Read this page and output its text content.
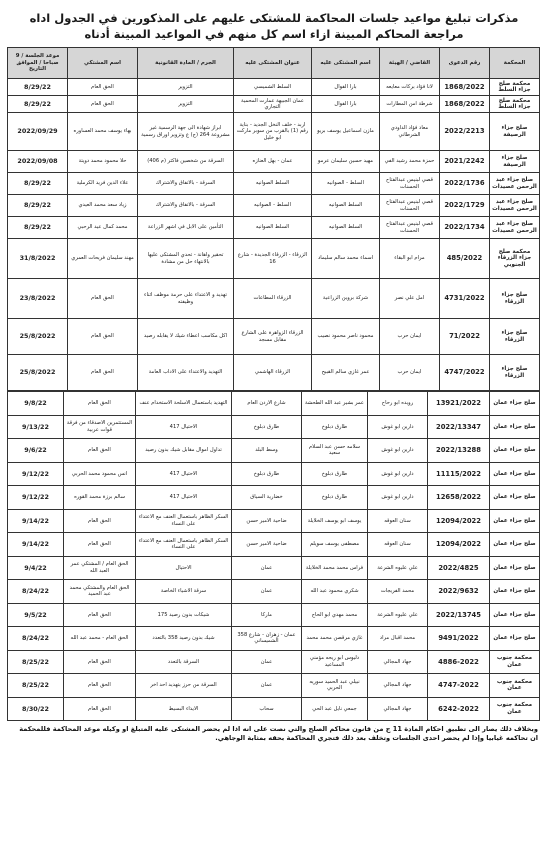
مذكرات تبليغ مواعيد جلسات المحاكمة للمشتكى عليهم على المذكورين في الجدول اداه مراجعة المحاكم المبينة ازاء اسم كل منهم في المواعيد المبينة أدناه
المحكمة	رقم الدعوى	القاضي / الهيئة	اسم المشتكى عليه	عنوان المشتكى عليه	الجرم / المادة القانونية	اسم المشتكي	موعد الجلسة / 9 صباحا / الموافق التاريخ
محكمة صلح جزاء السلط	1868/2022	لانا فؤاد بركات معايعه	بارا الفوال	السلط الشميسي	التزوير	الحق العام	8/29/22
محكمة صلح جزاء السلط	1868/2022	شرطة امن المطارات	بارا الفوال	عمان الجبيهة عمارت المحمية التجاري	التزوير	الحق العام	8/29/22
صلح جزاء الرصيفة	2022/2213	معاذ فؤاد الداودي الشرطاني	مازن اسماعيل يوسف بريو	اربد - خلف النخل الجديد - بناية رقم (1) بالقرب من سوبر ماركت ابو خليل	ابراز شهادة الى جهة الرسمية غير مشروعة 264 (ج) ع وتزوير اوراق رسمية	بهاء يوسف محمد العساوره	2022/09/29
صلح جزاء الرصيفة	2021/2242	حمزة محمد رشيد الفي	مهيد حسين سليمان عرمو	عمان - بهل العنازه	السرقة من شخصين فاكثر (م 406)	حلا محمود محمد دويتة	2022/09/08
صلح جزاء عبد الرحمن عصيدات	2022/1736	قصي لبنيس عبدالفتاح الحسنات	السلط - الصوانيه	السلط الصوانيه	السرقة - بالاتفاق والاشتراك	علاء الدين فريد الكرملية	8/29/22
صلح جزاء عبد الرحمن عصيدات	2022/1729	قصي لبنيس عبدالفتاح الحسنات	السلط الصوانيه	السلط - الصوانيه	السرقة - بالاتفاق والاشتراك	زياد سعد محمد العيدي	8/29/22
صلح جزاء عبد الرحمن عصيدات	2022/1734	قصي لبنيس عبدالفتاح الحسنات	السلط الصوانيه	السلط الصوانيه	التأمين على الابل في اشهر الزراعة	محمد كمال عيد الرحبي	8/29/22
محكمة صلح جزاء الزرقاء الجنوبي	485/2022	مرام ابو البقاء	اسماء محمد سالم سليماد	الزرقاء - الزرقاء الجديدة - شارع 16	تحقير واهانة - تحدي المشتكى عليها بالانتهاء حل من مشادة	مهند سليمان فريحات العمري	31/8/2022
صلح جزاء الزرقاء	4731/2022	امل علي نصر	شركة بروين الزراعية	الزرقاء المطاعات	تهديد و الاعتداء على حرمة موظف اثناء وظيفته	الحق العام	23/8/2022
صلح جزاء الزرقاء	71/2022	ايمان حرب	محمود ناصر محمود نصيب	الزرقاء الزواهرة على الشارع مقابل مسجد	اكل مكاسب اعطاء شيك لا يقابله رصيد	الحق العام	25/8/2022
صلح جزاء الزرقاء	4747/2022	ايمان حرب	عمر غازي سالم القبيح	الزرقاء الهاشمي	التهديد والاعتداء على الاداب العامة	الحق العام	25/8/2022
صلح جزاء عمان	13921/2022	رويده ابو رحاح	عمر بشير عبد الله الطحشة	شارع الاردن العام	التهديد باستعمال الاسلحة الاستخدام عنف	الحق العام	9/8/22
صلح جزاء عمان	2022/13347	دارين ابو غوش	طارق ذبلوخ	طارق ذبلوخ	الاحتيال 417	المستثمرين الاصدقاء من فرقة قوات عربية	9/13/22
صلح جزاء عمان	2022/13288	دارين ابو غوش	سلامه حسن عبد السلام سعيد	وسط البلد	تداول اموال مقابل شيك بدون رصيد	الحق العام	9/6/22
صلح جزاء عمان	11115/2022	دارين ابو غوش	طارق ذبلوخ	طارق ذبلوخ	الاحتيال 417	انس محمود محمد الحربي	9/12/22
صلح جزاء عمان	12658/2022	دارين ابو غوش	طارق ذبلوخ	خضارية السياق	الاحتيال 417	سالم برزة محمد القوره	9/12/22
صلح جزاء عمان	12094/2022	سنان العوقه	يوسف ابو يوسف الخلايلة	ضاحية الامير حسن	السكر الظاهر باستعمال العنف مع الاعتداء على النساء	الحق العام	9/14/22
صلح جزاء عمان	12094/2022	سنان العوقه	مصطفى يوسف سويلم	ضاحية الامير حسن	السكر الظاهر باستعمال العنف مع الاعتداء على النساء	الحق العام	9/14/22
صلح جزاء عمان	2022/4825	علي عليوه الشرعة	فراس محمد محمد الخلايلة	عمان	الاحتيال	الحق العام / المشتكي عمر العبد الله	9/4/22
صلح جزاء عمان	2022/9632	محمد الفريجات	شكري محمود عبد الله	عمان	سرقة الاشياء الخاصة	الحق العام والمشتكي محمد عبد الحميد	8/24/22
صلح جزاء عمان	2022/13745	علي عليوه الشرعة	محمد مهدي ابو الحاج	ماركا	شيكات بدون رصيد 175	الحق العام	9/5/22
صلح جزاء عمان	9491/2022	محمد اقبال مراد	غازي مرقصن محمد محمد	عمان - زهران - شارع 358 الشميساني	شيك بدون رصيد 358 بالتعدد	الحق العام - محمد عبد الله	8/24/22
محكمة جنوب عمان	4886-2022	جهاد المجالي	دليوس ابو ريحه مؤمني المساعيد	عمان	السرقة بالتعدد	الحق العام	8/25/22
محكمة جنوب عمان	4747-2022	جهاد المجالي	نبيلي عبد الحميد سوريه الحربي	عمان	السرقة من حرز بتهديد احد اخر	الحق العام	8/25/22
محكمة جنوب عمان	6242-2022	جهاد المجالي	جمعي نايل عبد الحي	سحاب	الايذاء البسيط	الحق العام	8/30/22
وبخلاف ذلك يصار الى تطبيق احكام المادة 11 ج من قانون محاكم الصلح والتي نصت على انه اذا لم يحضر المشتكى عليه المتبلغ او وكيله موعد المحاكمة فللمحكمة ان تحاكمه غيابيا وإذا لم يحضر احدى الجلسات وتخلف بعد ذلك فتجري المحاكمة بحقه بمثابة الوجاهي.
